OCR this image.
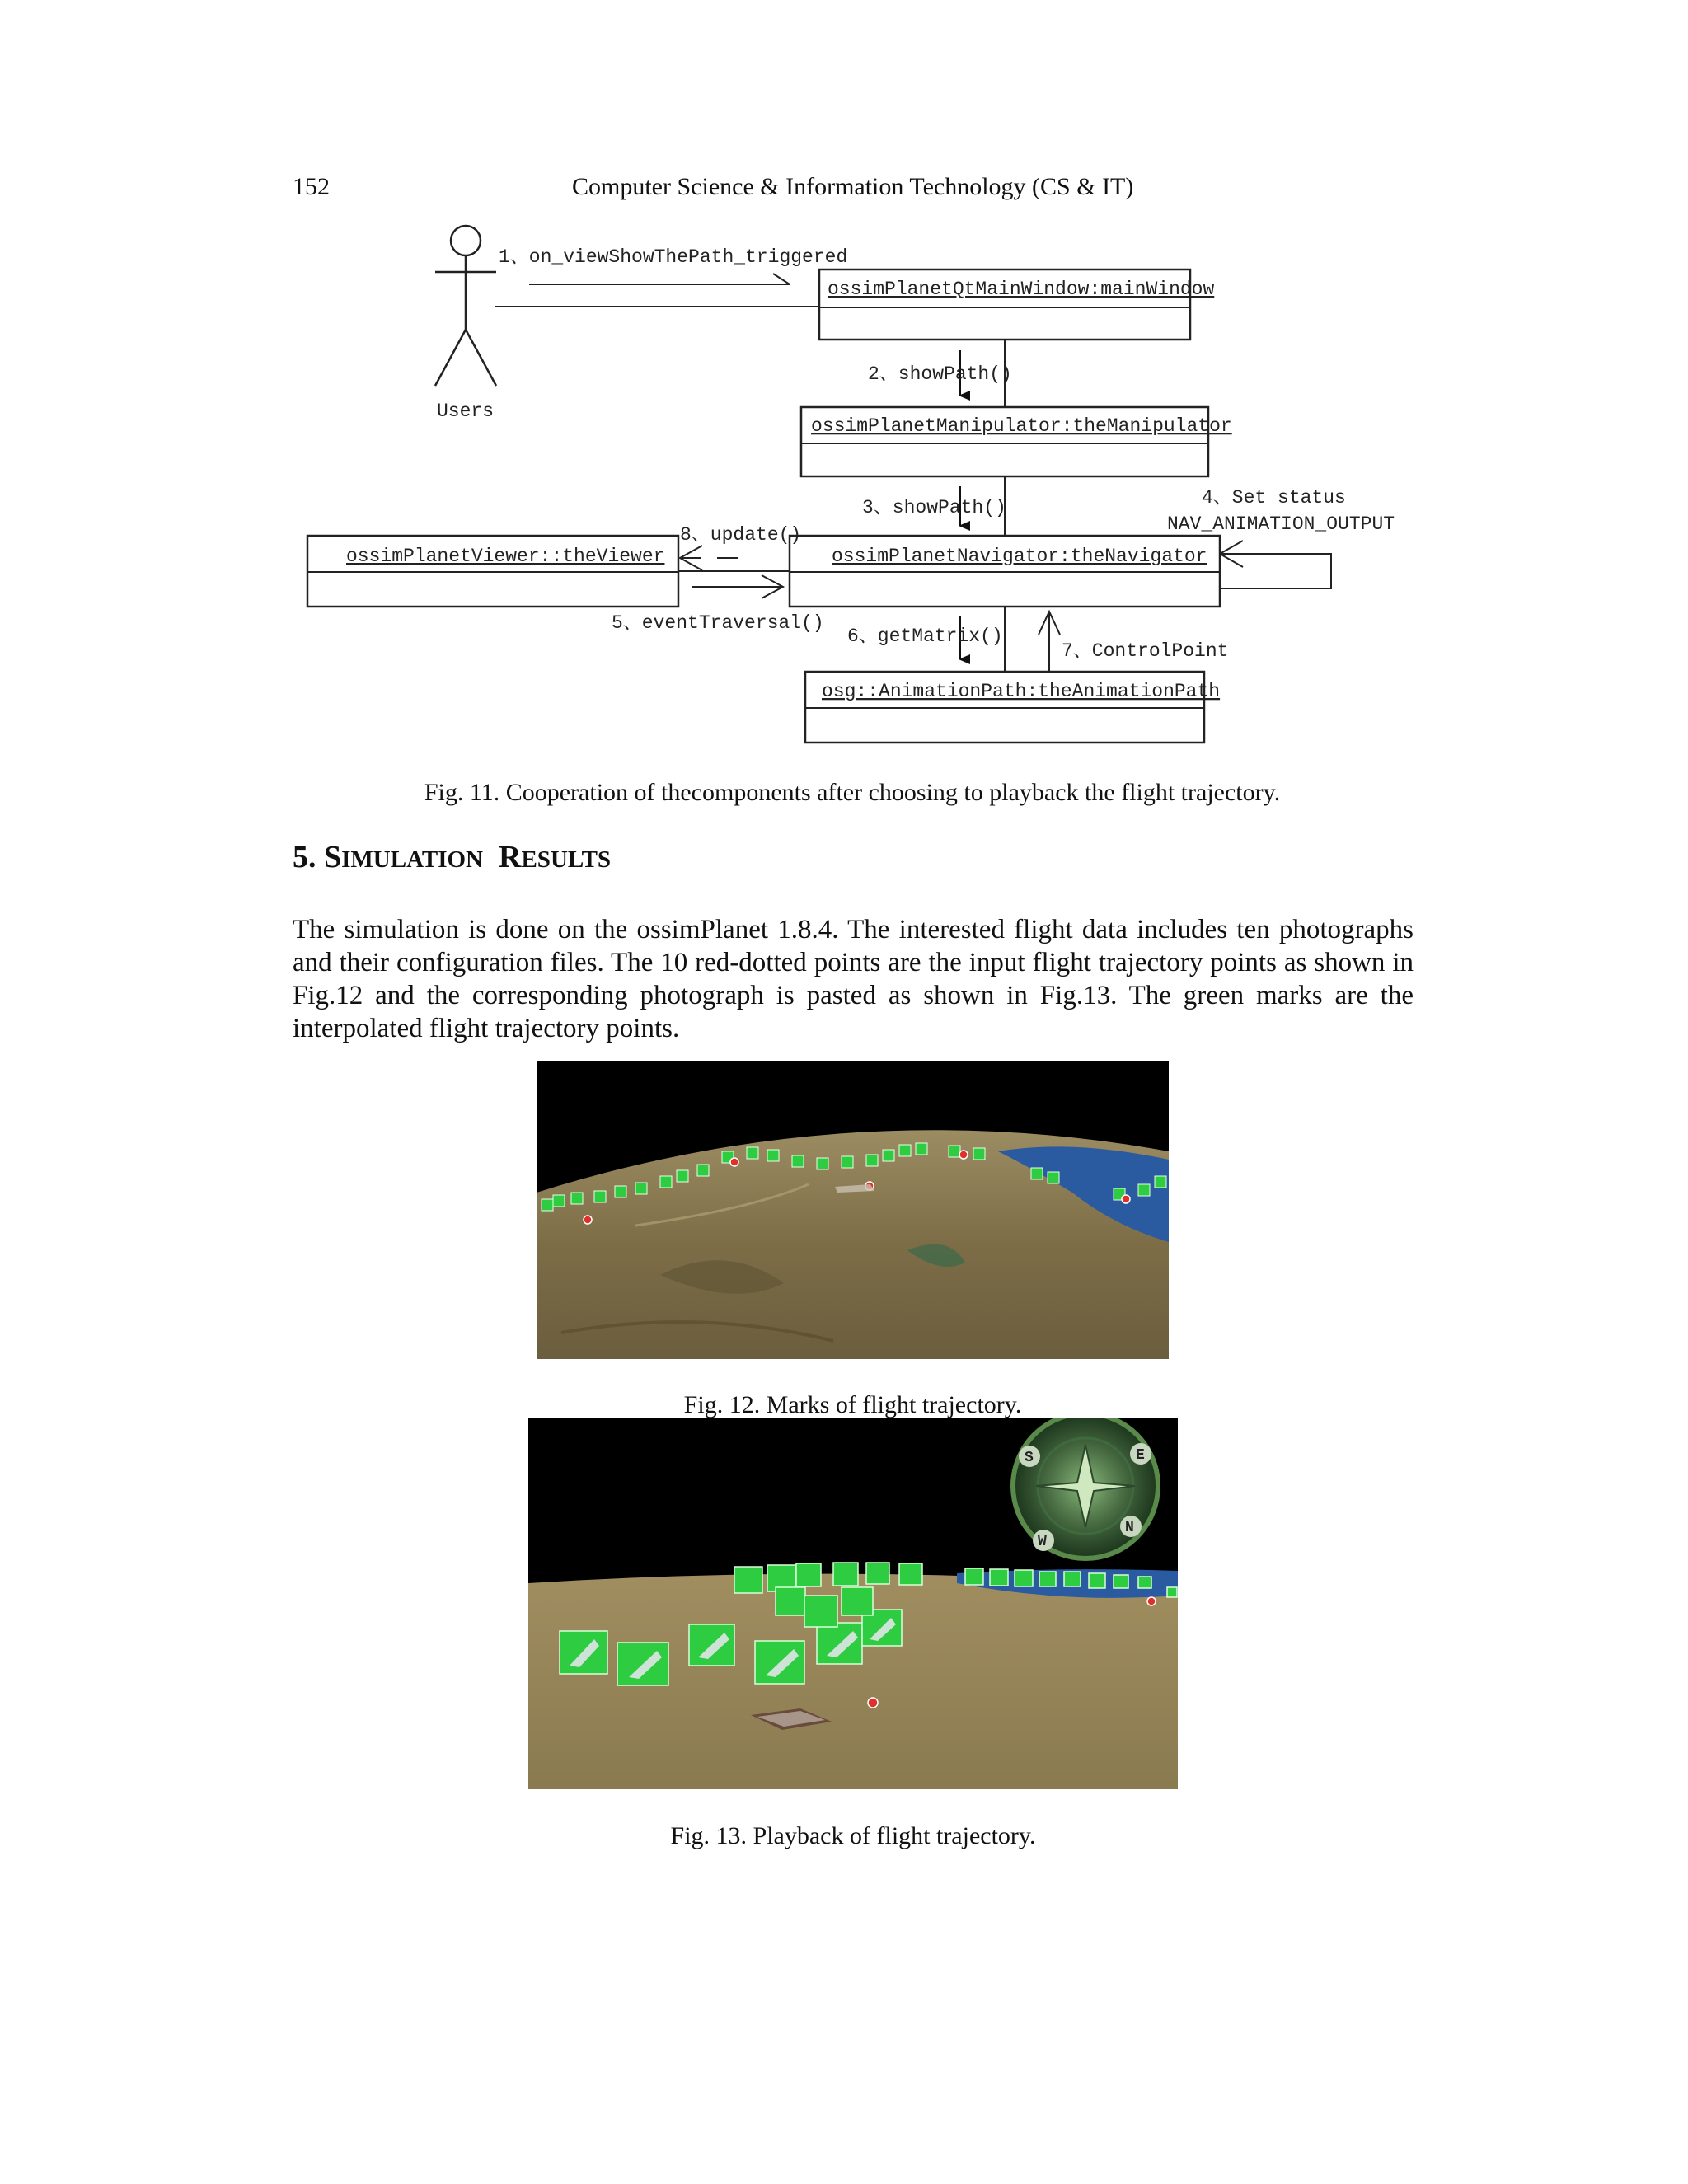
152	Computer Science & Information Technology (CS & IT)
Users
1、on_viewShowThePath_triggered
ossimPlanetQtMainWindow:mainWindow
2、showPath()
ossimPlanetManipulator:theManipulator
3、showPath()	4、Set status
NAV_ANIMATION_OUTPUT
ossimPlanetNavigator:theNavigator
ossimPlanetViewer::theViewer
8、update()
5、eventTraversal()
6、getMatrix()
7、ControlPoint
osg::AnimationPath:theAnimationPath
Fig. 11. Cooperation of thecomponents after choosing to playback the flight trajectory.
5. SIMULATION RESULTS
The simulation is done on the ossimPlanet 1.8.4. The interested flight data includes ten photographs and their configuration files. The 10 red-dotted points are the input flight trajectory points as shown in Fig.12 and the corresponding photograph is pasted as shown in Fig.13. The green marks are the interpolated flight trajectory points.
Fig. 12. Marks of flight trajectory.
S
W
E
N
Fig. 13. Playback of flight trajectory.
